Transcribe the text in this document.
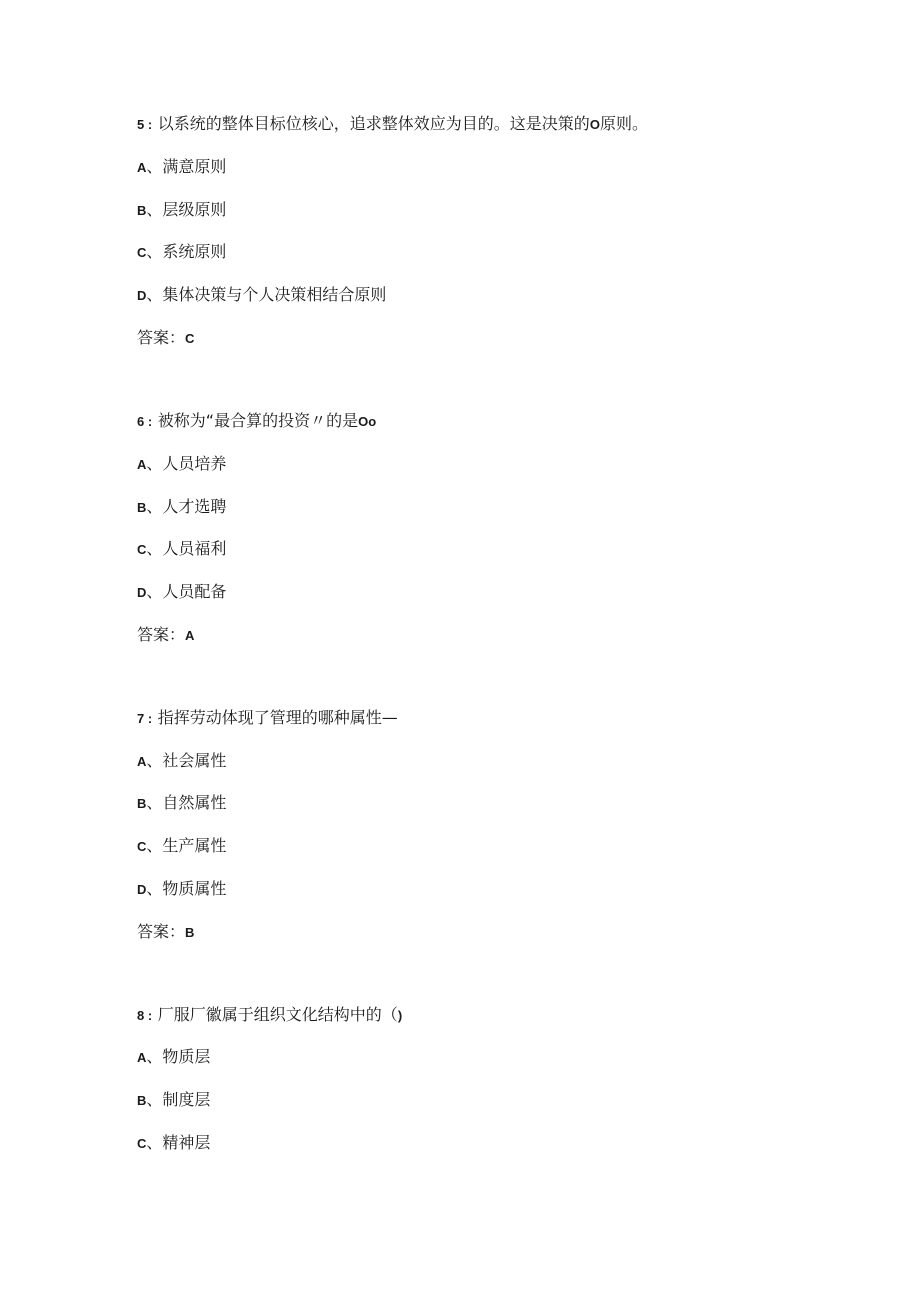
5 : 以系统的整体目标位核心，追求整体效应为目的。这是决策的O原则。
A、满意原则
B、层级原则
C、系统原则
D、集体决策与个人决策相结合原则
答案：C
6 : 被称为“最合算的投资〃的是Oo
A、人员培养
B、人才选聘
C、人员福利
D、人员配备
答案：A
7 : 指挥劳动体现了管理的哪种属性—
A、社会属性
B、自然属性
C、生产属性
D、物质属性
答案：B
8 : 厂服厂徽属于组织文化结构中的（)
A、物质层
B、制度层
C、精神层
